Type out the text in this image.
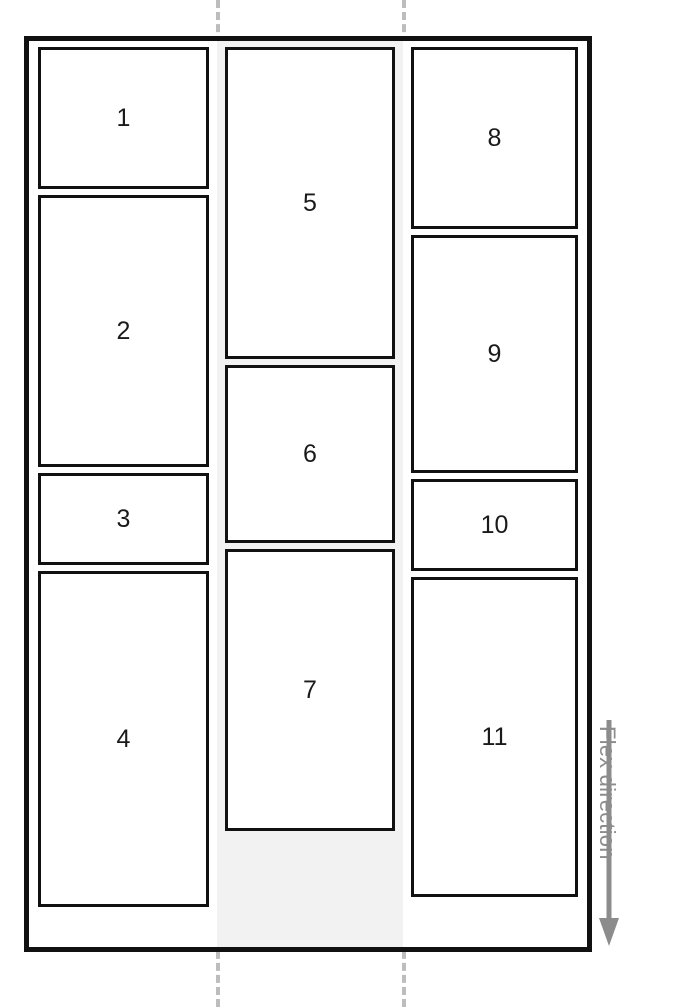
1
2
3
4
5
6
7
8
9
10
11	Flex direction
